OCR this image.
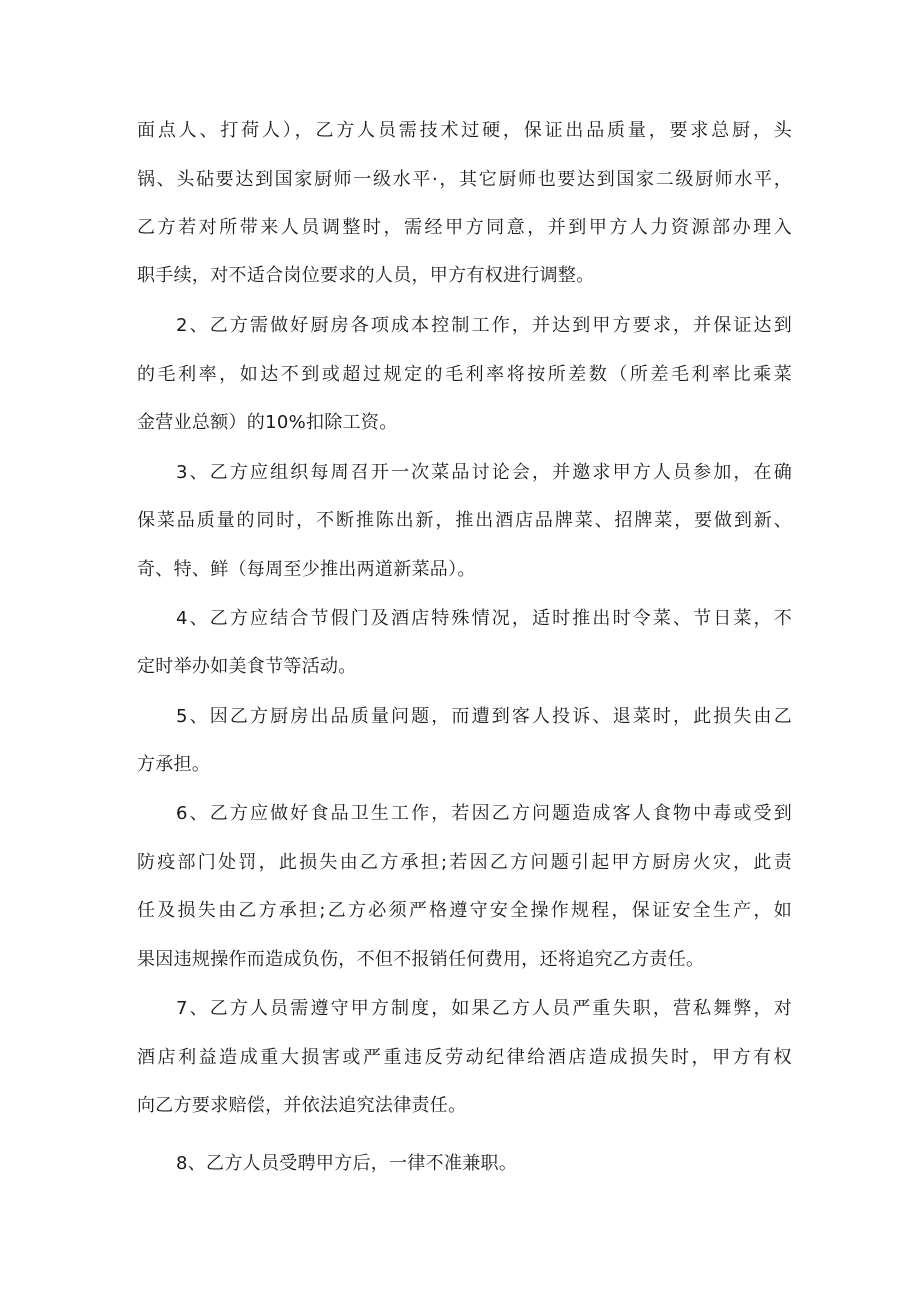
面点人、打荷人），乙方人员需技术过硬，保证出品质量，要求总厨，头
锅、头砧要达到国家厨师一级水平·，其它厨师也要达到国家二级厨师水平，
乙方若对所带来人员调整时，需经甲方同意，并到甲方人力资源部办理入
职手续，对不适合岗位要求的人员，甲方有权进行调整。
2、乙方需做好厨房各项成本控制工作，并达到甲方要求，并保证达到
的毛利率，如达不到或超过规定的毛利率将按所差数（所差毛利率比乘菜
金营业总额）的10%扣除工资。
3、乙方应组织每周召开一次菜品讨论会，并邀求甲方人员参加，在确
保菜品质量的同时，不断推陈出新，推出酒店品牌菜、招牌菜，要做到新、
奇、特、鲜（每周至少推出两道新菜品）。
4、乙方应结合节假门及酒店特殊情况，适时推出时令菜、节日菜，不
定时举办如美食节等活动。
5、因乙方厨房出品质量问题，而遭到客人投诉、退菜时，此损失由乙
方承担。
6、乙方应做好食品卫生工作，若因乙方问题造成客人食物中毒或受到
防疫部门处罚，此损失由乙方承担;若因乙方问题引起甲方厨房火灾，此责
任及损失由乙方承担;乙方必须严格遵守安全操作规程，保证安全生产，如
果因违规操作而造成负伤，不但不报销任何费用，还将追究乙方责任。
7、乙方人员需遵守甲方制度，如果乙方人员严重失职，营私舞弊，对
酒店利益造成重大损害或严重违反劳动纪律给酒店造成损失时，甲方有权
向乙方要求赔偿，并依法追究法律责任。
8、乙方人员受聘甲方后，一律不准兼职。
